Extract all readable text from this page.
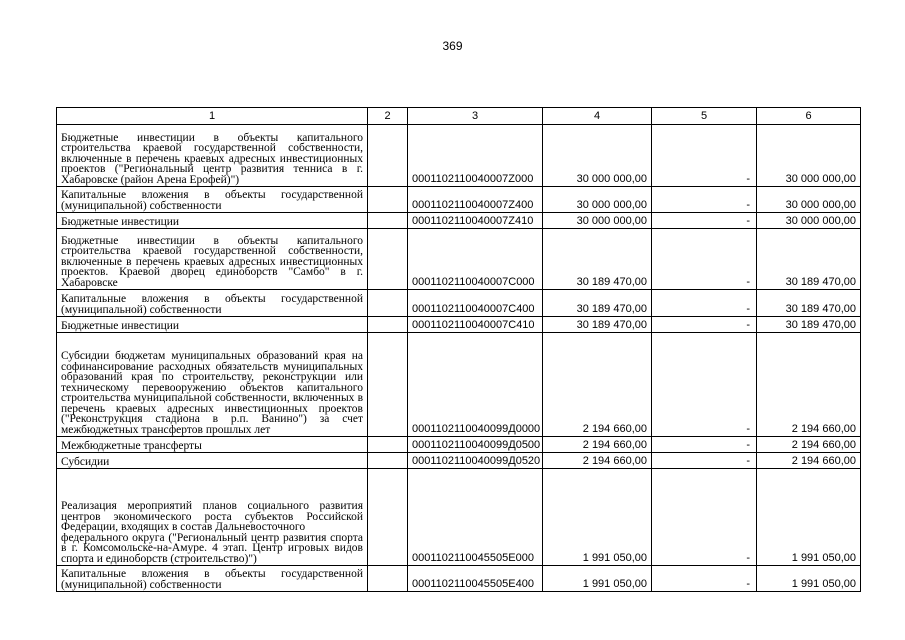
369
1	2	3	4	5	6
Бюджетные инвестиции в объекты капитального строительства краевой государственной собственности, включенные в перечень краевых адресных инвестиционных проектов ("Региональный центр развития тенниса в г. Хабаровске (район Арена Ерофей)")		0001102110040007Z000	30 000 000,00	-	30 000 000,00
Капитальные вложения в объекты государственной (муниципальной) собственности		0001102110040007Z400	30 000 000,00	-	30 000 000,00
Бюджетные инвестиции		0001102110040007Z410	30 000 000,00	-	30 000 000,00
Бюджетные инвестиции в объекты капитального строительства краевой государственной собственности, включенные в перечень краевых адресных инвестиционных проектов. Краевой дворец единоборств "Самбо" в г. Хабаровске		0001102110040007C000	30 189 470,00	-	30 189 470,00
Капитальные вложения в объекты государственной (муниципальной) собственности		0001102110040007C400	30 189 470,00	-	30 189 470,00
Бюджетные инвестиции		0001102110040007C410	30 189 470,00	-	30 189 470,00
Субсидии бюджетам муниципальных образований края на софинансирование расходных обязательств муниципальных образований края по строительству, реконструкции или техническому перевооружению объектов капитального строительства муниципальной собственности, включенных в перечень краевых адресных инвестиционных проектов ("Реконструкция стадиона в р.п. Ванино") за счет межбюджетных трансфертов прошлых лет		0001102110040099Д0000	2 194 660,00	-	2 194 660,00
Межбюджетные трансферты		0001102110040099Д0500	2 194 660,00	-	2 194 660,00
Субсидии		0001102110040099Д0520	2 194 660,00	-	2 194 660,00
Реализация мероприятий планов социального развития центров экономического роста субъектов Российской Федерации, входящих в состав Дальневосточного
федерального округа ("Региональный центр развития спорта в г. Комсомольске-на-Амуре. 4 этап. Центр игровых видов спорта и единоборств (строительство)")		0001102110045505E000	1 991 050,00	-	1 991 050,00
Капитальные вложения в объекты государственной (муниципальной) собственности		0001102110045505E400	1 991 050,00	-	1 991 050,00
